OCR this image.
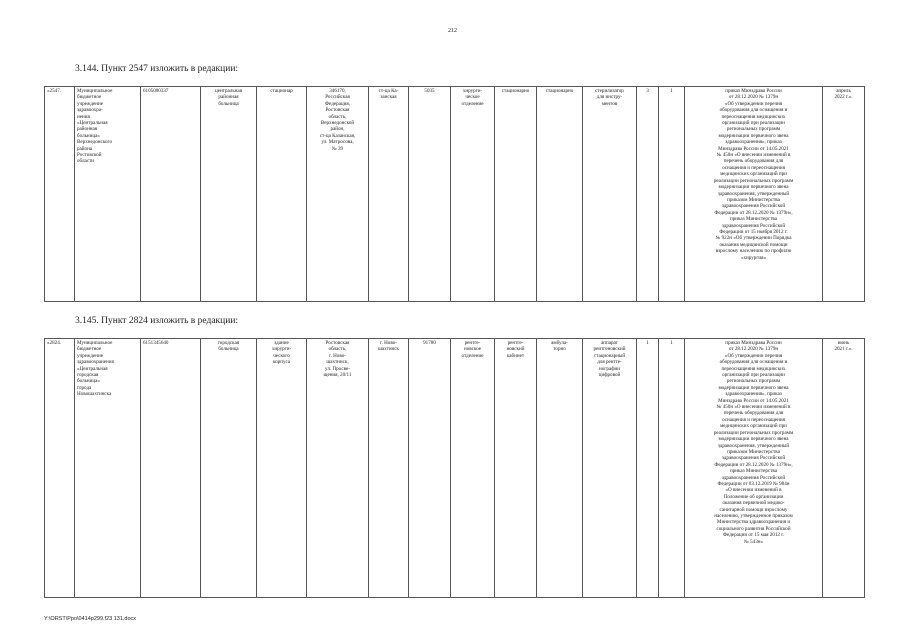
212
3.144. Пункт 2547 изложить в редакции:
«2547.	Муниципальное
бюджетное
учреждение
здравоохра-
нения
«Центральная
районная
больница»
Верхнедонского
района
Ростовской
области	6105000337	центральная
районная
больница	стационар	346170,
Российская
Федерация,
Ростовская
область,
Верхнедонской
район,
ст-ца Казанская,
ул. Матросова,
№ 39	ст-ца Ка-
занская	5035	хирурги-
ческое
отделение	стационарно	стационарно	стерилизатор
для инстру-
ментов	3	1	приказ Минздрава России
от 28.12.2020 № 1379н
«Об утверждении перечня
оборудования для оснащения и
переоснащения медицинских
организаций при реализации
региональных программ
модернизации первичного звена
здравоохранения», приказ
Минздрава России от 14.05.2021
№ 450н «О внесении изменений в
перечень оборудования для
оснащения и переоснащения
медицинских организаций при
реализации региональных программ
модернизации первичного звена
здравоохранения, утвержденный
приказом Министерства
здравоохранения Российской
Федерации от 28.12.2020 № 1379н»,
приказ Министерства
здравоохранения Российской
Федерации от 15 ноября 2012 г.
№ 922н «Об утверждении Порядка
оказания медицинской помощи
взрослому населению по профилю
«хирургия»	апрель
2022 г.».
3.145. Пункт 2824 изложить в редакции:
«2824.	Муниципальное
бюджетное
учреждение
здравоохранения
«Центральная
городская
больница»
города
Новошахтинска	6151345640	городская
больница	здание
хирурги-
ческого
корпуса	Ростовская
область,
г. Ново-
шахтинск,
ул. Просве-
щения, 20/11	г. Ново-
шахтинск	91780	рентге-
новское
отделение	рентге-
новский
кабинет	амбула-
торно	аппарат
рентгеновский
стационарный
для рентге-
нографии
цифровой	1	1	приказ Минздрава России
от 28.12.2020 № 1379н
«Об утверждении перечня
оборудования для оснащения и
переоснащения медицинских
организаций при реализации
региональных программ
модернизации первичного звена
здравоохранения», приказ
Минздрава России от 14.05.2021
№ 450н «О внесении изменений в
перечень оборудования для
оснащения и переоснащения
медицинских организаций при
реализации региональных программ
модернизации первичного звена
здравоохранения, утвержденный
приказом Министерства
здравоохранения Российской
Федерации от 28.12.2020 № 1379н»,
приказ Министерства
здравоохранения Российской
Федерации от 03.12.2019 № 984н
«О внесении изменений в
Положение об организации
оказания первичной медико-
санитарной помощи взрослому
населению, утвержденное приказом
Министерства здравоохранения и
социального развития Российской
Федерации от 15 мая 2012 г.
№ 543н»	июнь
2021 г.».
Y:\ORST\Ppo\0414p299.f23 131.docx
